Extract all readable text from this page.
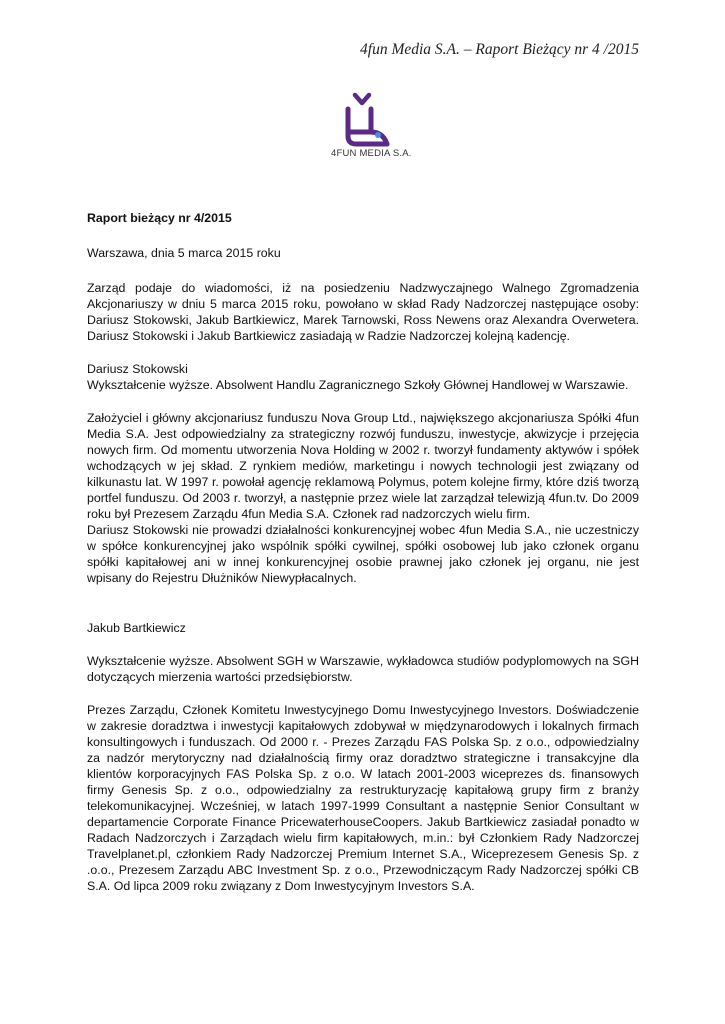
4fun Media S.A. – Raport Bieżący nr 4 /2015
4FUN MEDIA S.A.

Raport bieżący nr 4/2015

Warszawa, dnia 5 marca 2015 roku

Zarząd podaje do wiadomości, iż na posiedzeniu Nadzwyczajnego Walnego Zgromadzenia Akcjonariuszy w dniu 5 marca 2015 roku, powołano w skład Rady Nadzorczej następujące osoby: Dariusz Stokowski, Jakub Bartkiewicz, Marek Tarnowski, Ross Newens oraz Alexandra Overwetera. Dariusz Stokowski i Jakub Bartkiewicz zasiadają w Radzie Nadzorczej kolejną kadencję.

Dariusz Stokowski

Wykształcenie wyższe. Absolwent Handlu Zagranicznego Szkoły Głównej Handlowej w Warszawie.

Założyciel i główny akcjonariusz funduszu Nova Group Ltd., największego akcjonariusza Spółki 4fun Media S.A. Jest odpowiedzialny za strategiczny rozwój funduszu, inwestycje, akwizycje i przejęcia nowych firm. Od momentu utworzenia Nova Holding w 2002 r. tworzył fundamenty aktywów i spółek wchodzących w jej skład. Z rynkiem mediów, marketingu i nowych technologii jest związany od kilkunastu lat. W 1997 r. powołał agencję reklamową Polymus, potem kolejne firmy, które dziś tworzą portfel funduszu. Od 2003 r. tworzył, a następnie przez wiele lat zarządzał telewizją 4fun.tv. Do 2009 roku był Prezesem Zarządu 4fun Media S.A. Członek rad nadzorczych wielu firm.

Dariusz Stokowski nie prowadzi działalności konkurencyjnej wobec 4fun Media S.A., nie uczestniczy w spółce konkurencyjnej jako wspólnik spółki cywilnej, spółki osobowej lub jako członek organu spółki kapitałowej ani w innej konkurencyjnej osobie prawnej jako członek jej organu, nie jest wpisany do Rejestru Dłużników Niewypłacalnych.

Jakub Bartkiewicz

Wykształcenie wyższe. Absolwent SGH w Warszawie, wykładowca studiów podyplomowych na SGH dotyczących mierzenia wartości przedsiębiorstw.

Prezes Zarządu, Członek Komitetu Inwestycyjnego Domu Inwestycyjnego Investors. Doświadczenie w zakresie doradztwa i inwestycji kapitałowych zdobywał w międzynarodowych i lokalnych firmach konsultingowych i funduszach. Od 2000 r. - Prezes Zarządu FAS Polska Sp. z o.o., odpowiedzialny za nadzór merytoryczny nad działalnością firmy oraz doradztwo strategiczne i transakcyjne dla klientów korporacyjnych FAS Polska Sp. z o.o. W latach 2001-2003 wiceprezes ds. finansowych firmy Genesis Sp. z o.o., odpowiedzialny za restrukturyzację kapitałową grupy firm z branży telekomunikacyjnej. Wcześniej, w latach 1997-1999 Consultant a następnie Senior Consultant w departamencie Corporate Finance PricewaterhouseCoopers. Jakub Bartkiewicz zasiadał ponadto w Radach Nadzorczych i Zarządach wielu firm kapitałowych, m.in.: był Członkiem Rady Nadzorczej Travelplanet.pl, członkiem Rady Nadzorczej Premium Internet S.A., Wiceprezesem Genesis Sp. z .o.o., Prezesem Zarządu ABC Investment Sp. z o.o., Przewodniczącym Rady Nadzorczej spółki CB S.A. Od lipca 2009 roku związany z Dom Inwestycyjnym Investors S.A.
